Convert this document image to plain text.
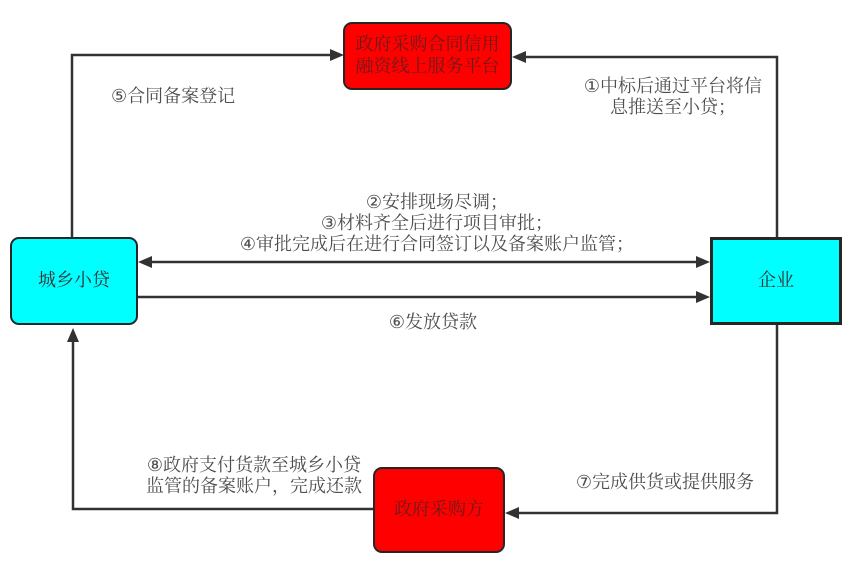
政府采购合同信用
融资线上服务平台
城乡小贷	企业
政府采购方
⑤合同备案登记	①中标后通过平台将信
息推送至小贷；
②安排现场尽调；
③材料齐全后进行项目审批；
④审批完成后在进行合同签订以及备案账户监管；
⑥发放贷款
⑦完成供货或提供服务
⑧政府支付货款至城乡小贷
监管的备案账户，完成还款
